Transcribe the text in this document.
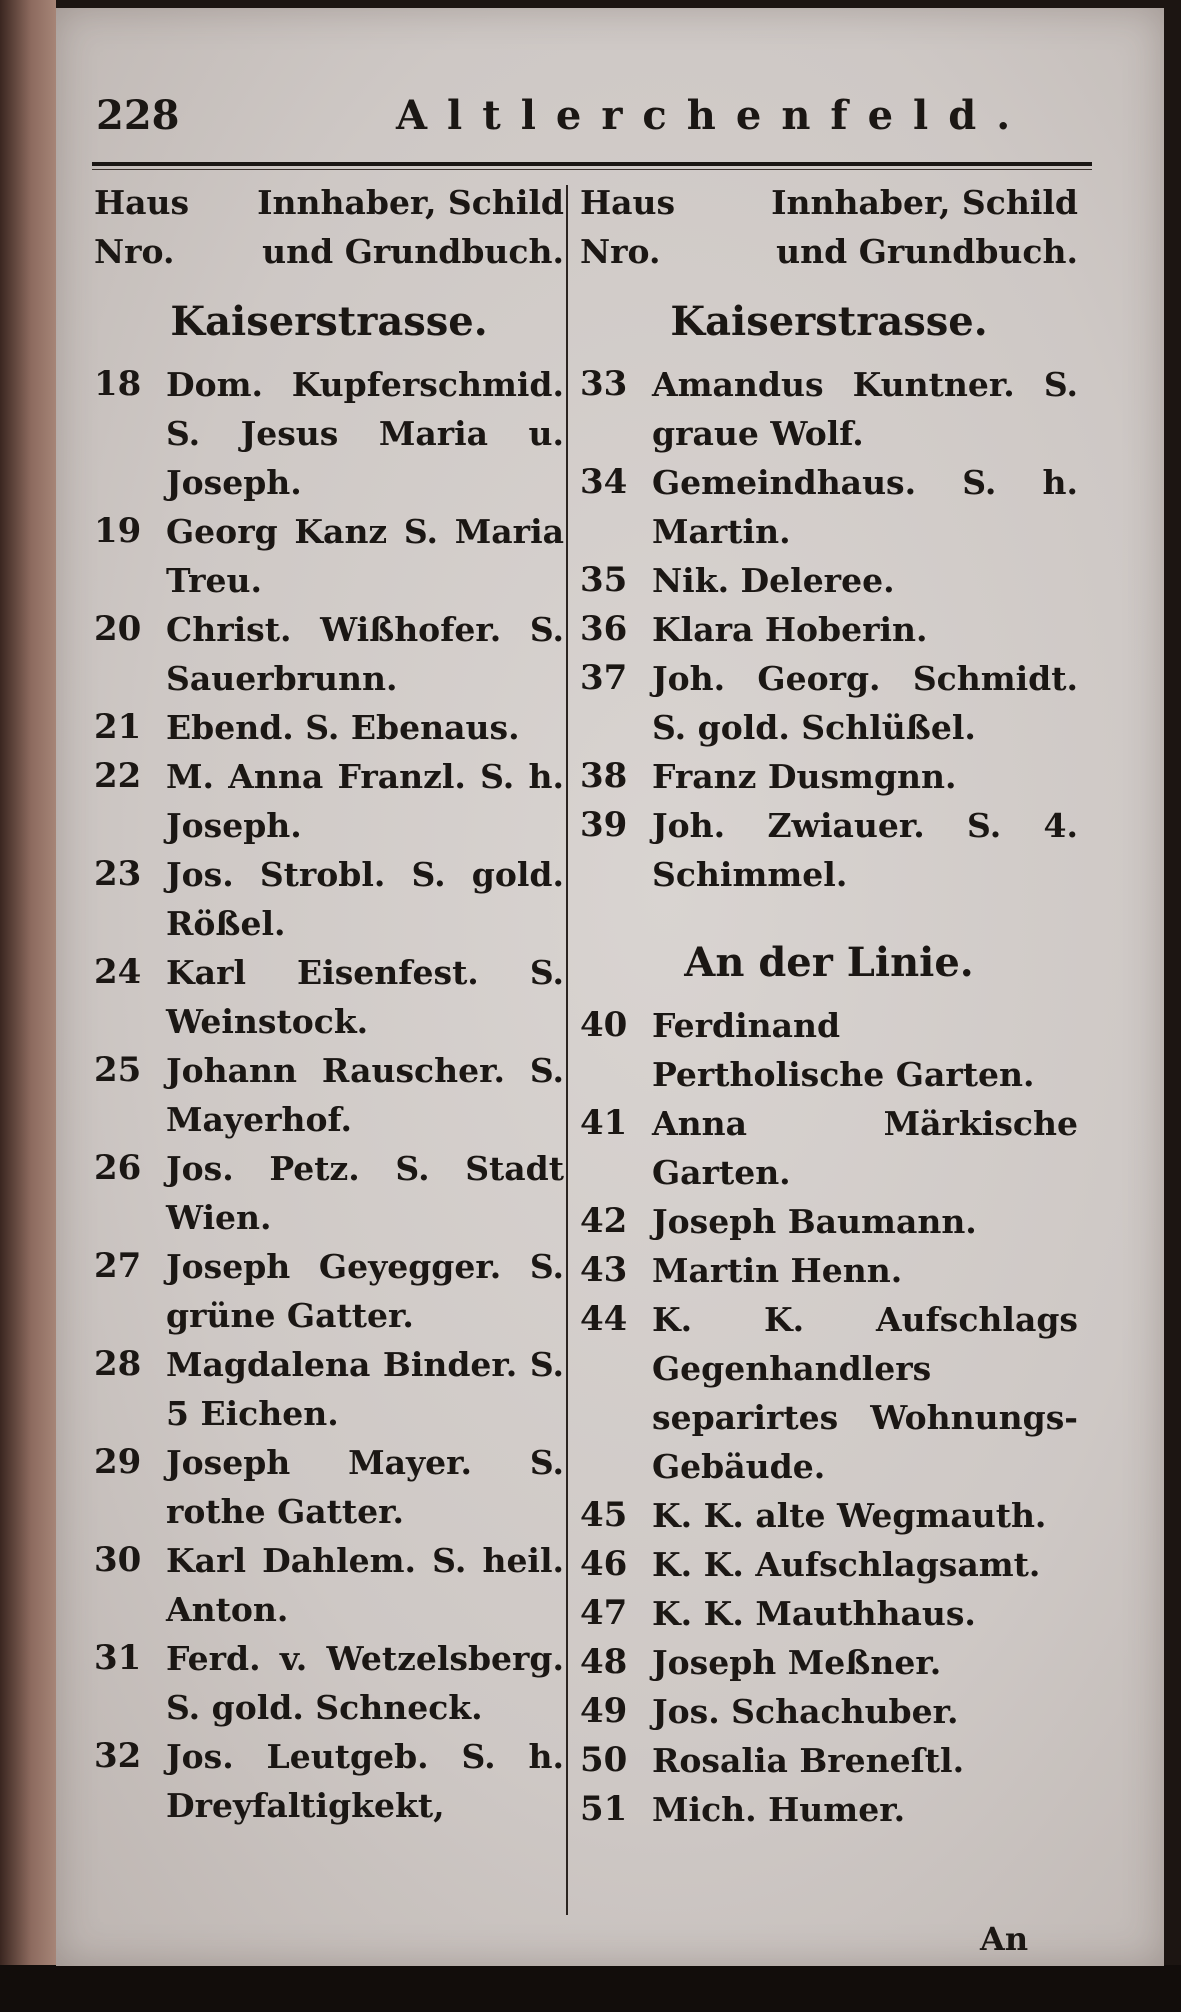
228	Altlerchenfeld.
Haus Innhaber, Schild
Nro.	und Grundbuch.
Kaiserstrasse.
18 Dom. Kupferschmid. S. Jesus Maria u. Joseph.
19 Georg Kanz S. Maria Treu.
20 Christ. Wißhofer. S. Sauerbrunn.
21 Ebend. S. Ebenaus.
22 M. Anna Franzl. S. h. Joseph.
23 Jos. Strobl. S. gold. Rößel.
24 Karl Eisenfest. S. Weinstock.
25 Johann Rauscher. S. Mayerhof.
26 Jos. Petz. S. Stadt Wien.
27 Joseph Geyegger. S. grüne Gatter.
28 Magdalena Binder. S. 5 Eichen.
29 Joseph Mayer. S. rothe Gatter.
30 Karl Dahlem. S. heil. Anton.
31 Ferd. v. Wetzelsberg. S. gold. Schneck.
32 Jos. Leutgeb. S. h. Dreyfaltigkekt,
Haus	Innhaber, Schild
Nro.	und Grundbuch.
Kaiserstrasse.
33 Amandus Kuntner. S. graue Wolf.
34 Gemeindhaus. S. h. Martin.
35 Nik. Deleree.
36 Klara Hoberin.
37 Joh. Georg. Schmidt. S. gold. Schlüßel.
38 Franz Dusmgnn.
39 Joh. Zwiauer. S. 4. Schimmel.
An der Linie.
40 Ferdinand Pertholische Garten.
41 Anna Märkische Garten.
42 Joseph Baumann.
43 Martin Henn.
44 K. K. Aufschlags Gegenhandlers separirtes Wohnungs-Gebäude.
45 K. K. alte Wegmauth.
46 K. K. Aufschlagsamt.
47 K. K. Mauthhaus.
48 Joseph Meßner.
49 Jos. Schachuber.
50 Rosalia Breneſtl.
51 Mich. Humer.
An
